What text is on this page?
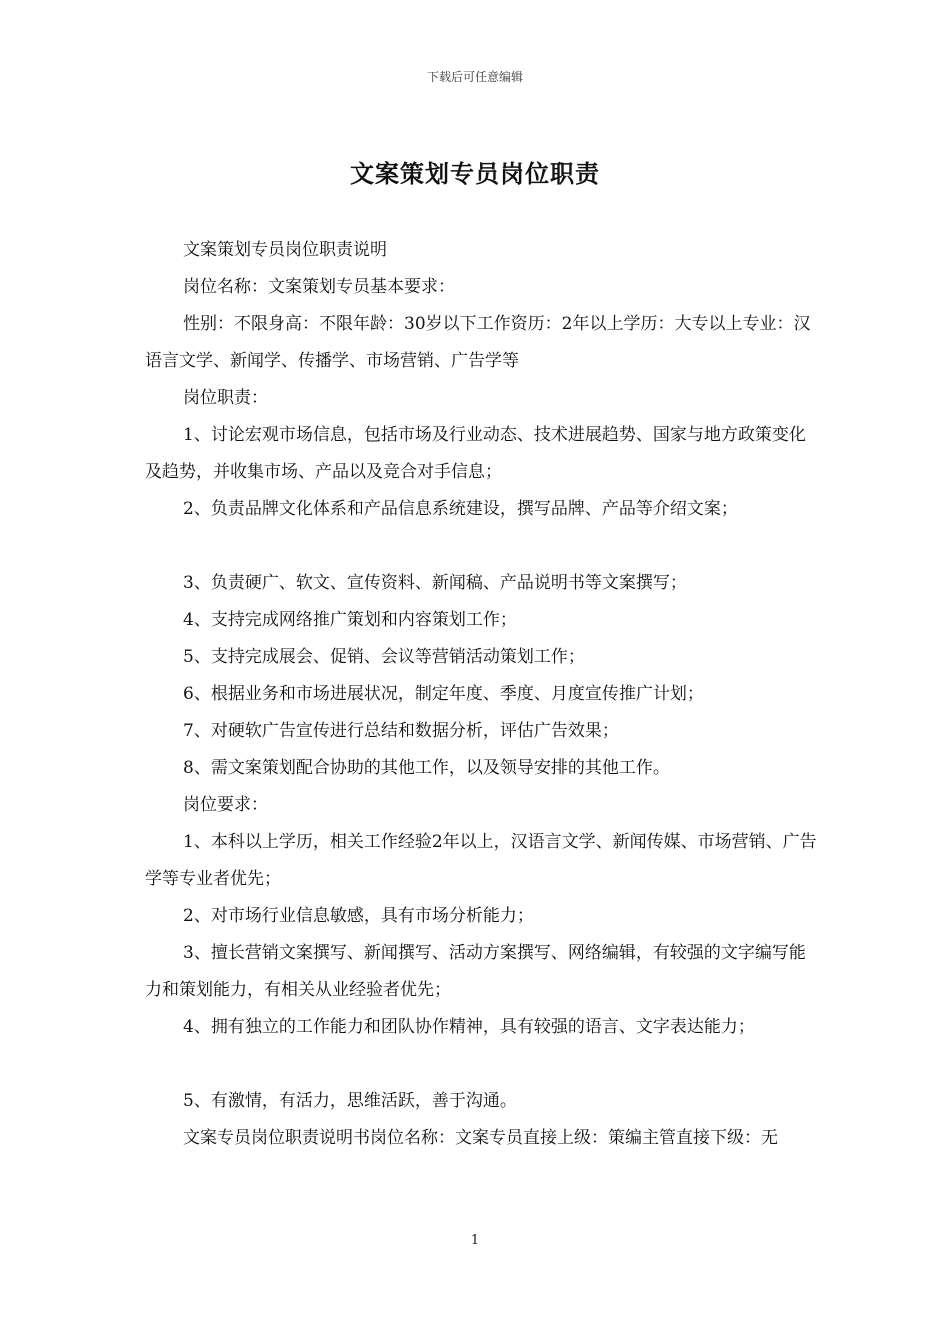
下载后可任意编辑
文案策划专员岗位职责

文案策划专员岗位职责说明

岗位名称：文案策划专员基本要求：

性别：不限身高：不限年龄：30岁以下工作资历：2年以上学历：大专以上专业：汉语言文学、新闻学、传播学、市场营销、广告学等

岗位职责：

1、讨论宏观市场信息，包括市场及行业动态、技术进展趋势、国家与地方政策变化及趋势，并收集市场、产品以及竞合对手信息；

2、负责品牌文化体系和产品信息系统建设，撰写品牌、产品等介绍文案；

3、负责硬广、软文、宣传资料、新闻稿、产品说明书等文案撰写；

4、支持完成网络推广策划和内容策划工作；

5、支持完成展会、促销、会议等营销活动策划工作；

6、根据业务和市场进展状况，制定年度、季度、月度宣传推广计划；

7、对硬软广告宣传进行总结和数据分析，评估广告效果；

8、需文案策划配合协助的其他工作，以及领导安排的其他工作。

岗位要求：

1、本科以上学历，相关工作经验2年以上，汉语言文学、新闻传媒、市场营销、广告学等专业者优先；

2、对市场行业信息敏感，具有市场分析能力；

3、擅长营销文案撰写、新闻撰写、活动方案撰写、网络编辑，有较强的文字编写能力和策划能力，有相关从业经验者优先；

4、拥有独立的工作能力和团队协作精神，具有较强的语言、文字表达能力；

5、有激情，有活力，思维活跃，善于沟通。

文案专员岗位职责说明书岗位名称：文案专员直接上级：策编主管直接下级：无

1
